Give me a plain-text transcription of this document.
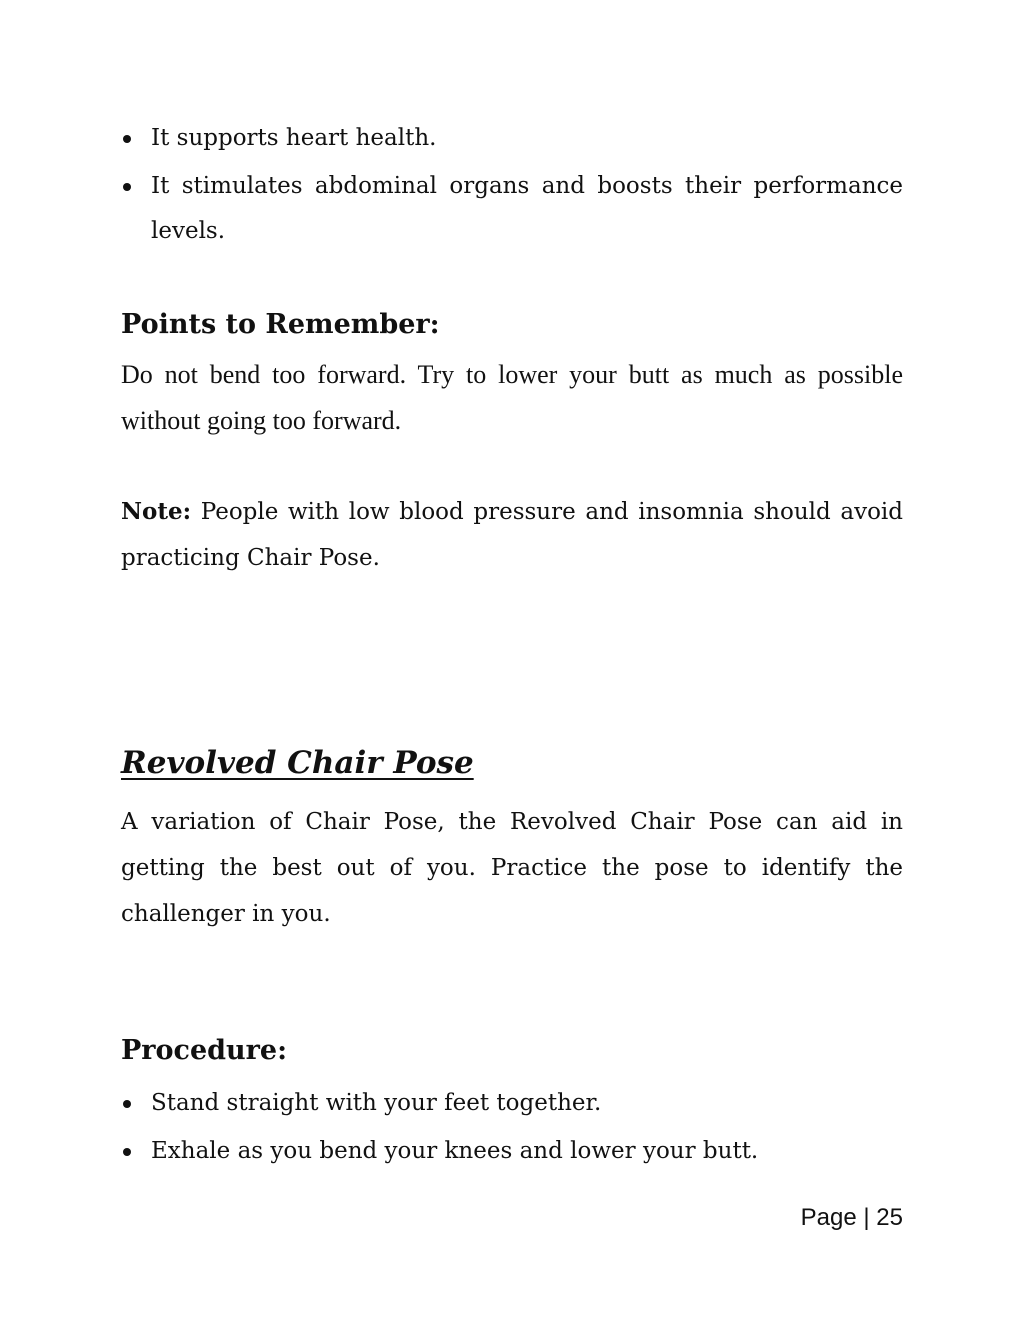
It supports heart health.
It stimulates abdominal organs and boosts their performance levels.
Points to Remember:

Do not bend too forward. Try to lower your butt as much as possible without going too forward.

Note: People with low blood pressure and insomnia should avoid practicing Chair Pose.

Revolved Chair Pose

A variation of Chair Pose, the Revolved Chair Pose can aid in getting the best out of you. Practice the pose to identify the challenger in you.

Procedure:
Stand straight with your feet together.
Exhale as you bend your knees and lower your butt.
Page | 25
